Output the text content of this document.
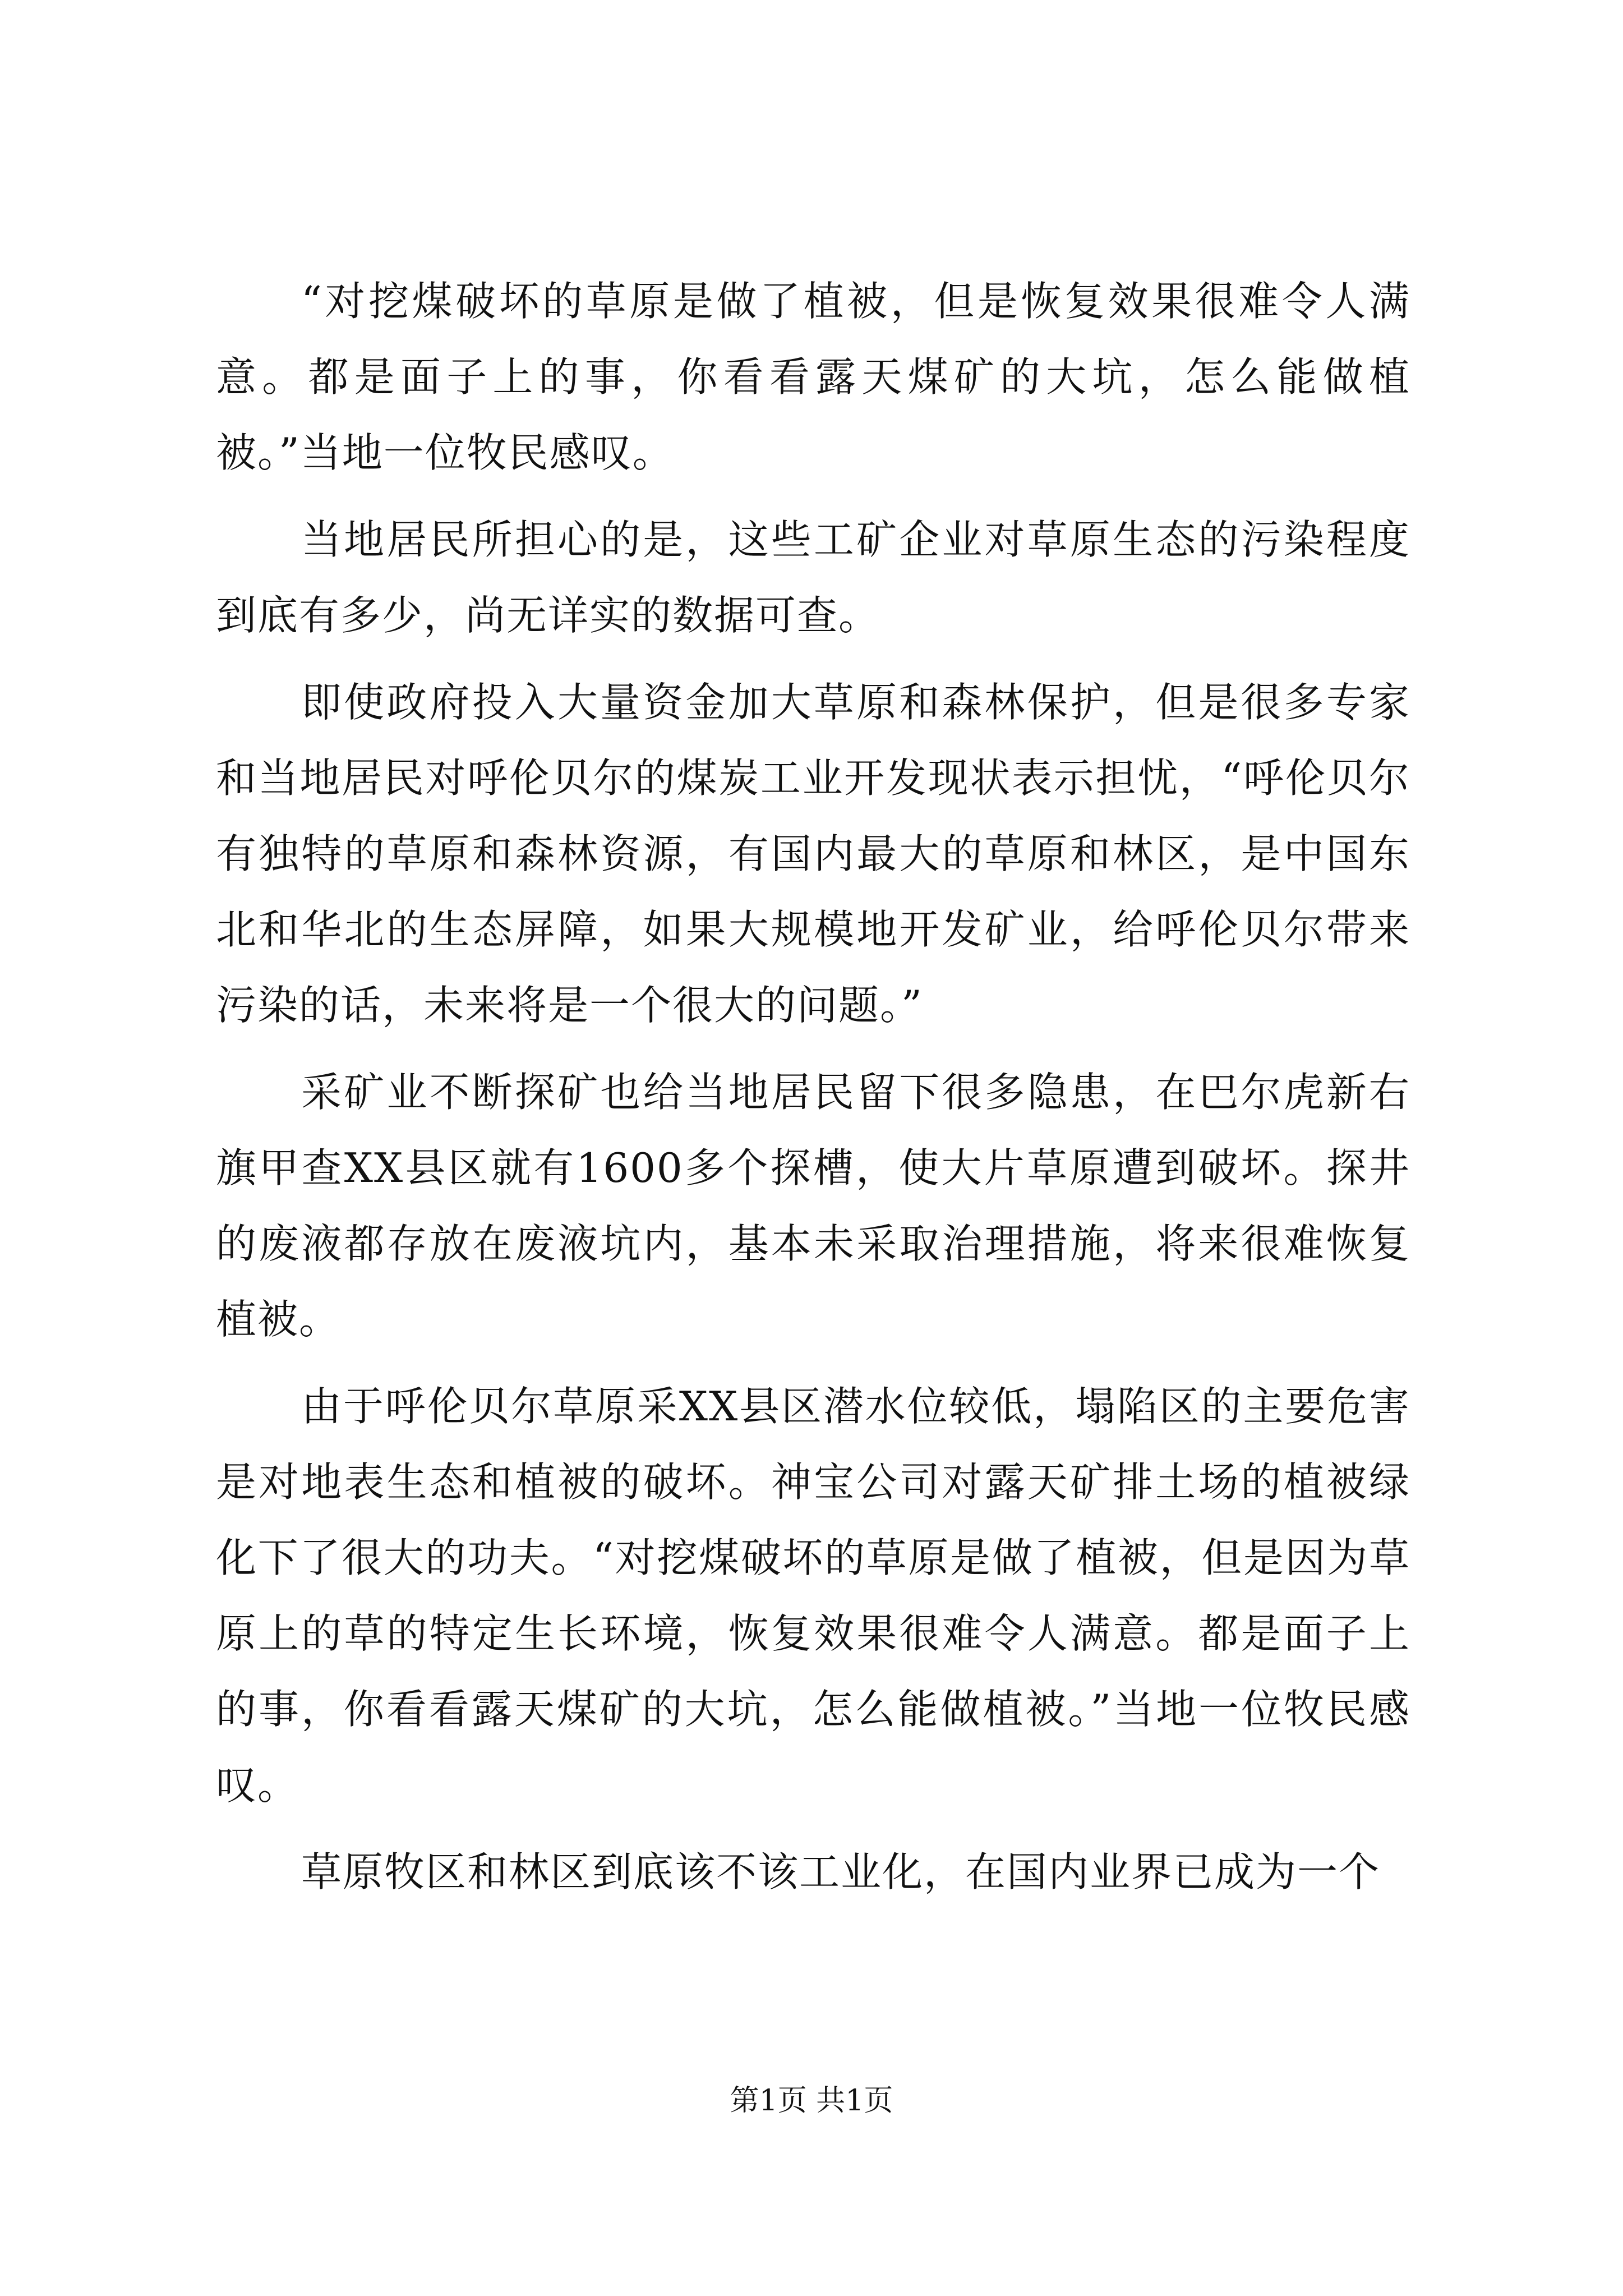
“对挖煤破坏的草原是做了植被，但是恢复效果很难令人满意。都是面子上的事，你看看露天煤矿的大坑，怎么能做植被。”当地一位牧民感叹。

当地居民所担心的是，这些工矿企业对草原生态的污染程度到底有多少，尚无详实的数据可查。

即使政府投入大量资金加大草原和森林保护，但是很多专家和当地居民对呼伦贝尔的煤炭工业开发现状表示担忧，“呼伦贝尔有独特的草原和森林资源，有国内最大的草原和林区，是中国东北和华北的生态屏障，如果大规模地开发矿业，给呼伦贝尔带来污染的话，未来将是一个很大的问题。”

采矿业不断探矿也给当地居民留下很多隐患，在巴尔虎新右旗甲查XX县区就有1600多个探槽，使大片草原遭到破坏。探井的废液都存放在废液坑内，基本未采取治理措施，将来很难恢复植被。

由于呼伦贝尔草原采XX县区潜水位较低，塌陷区的主要危害是对地表生态和植被的破坏。神宝公司对露天矿排土场的植被绿化下了很大的功夫。“对挖煤破坏的草原是做了植被，但是因为草原上的草的特定生长环境，恢复效果很难令人满意。都是面子上的事，你看看露天煤矿的大坑，怎么能做植被。”当地一位牧民感叹。

草原牧区和林区到底该不该工业化，在国内业界已成为一个

第1页 共1页
